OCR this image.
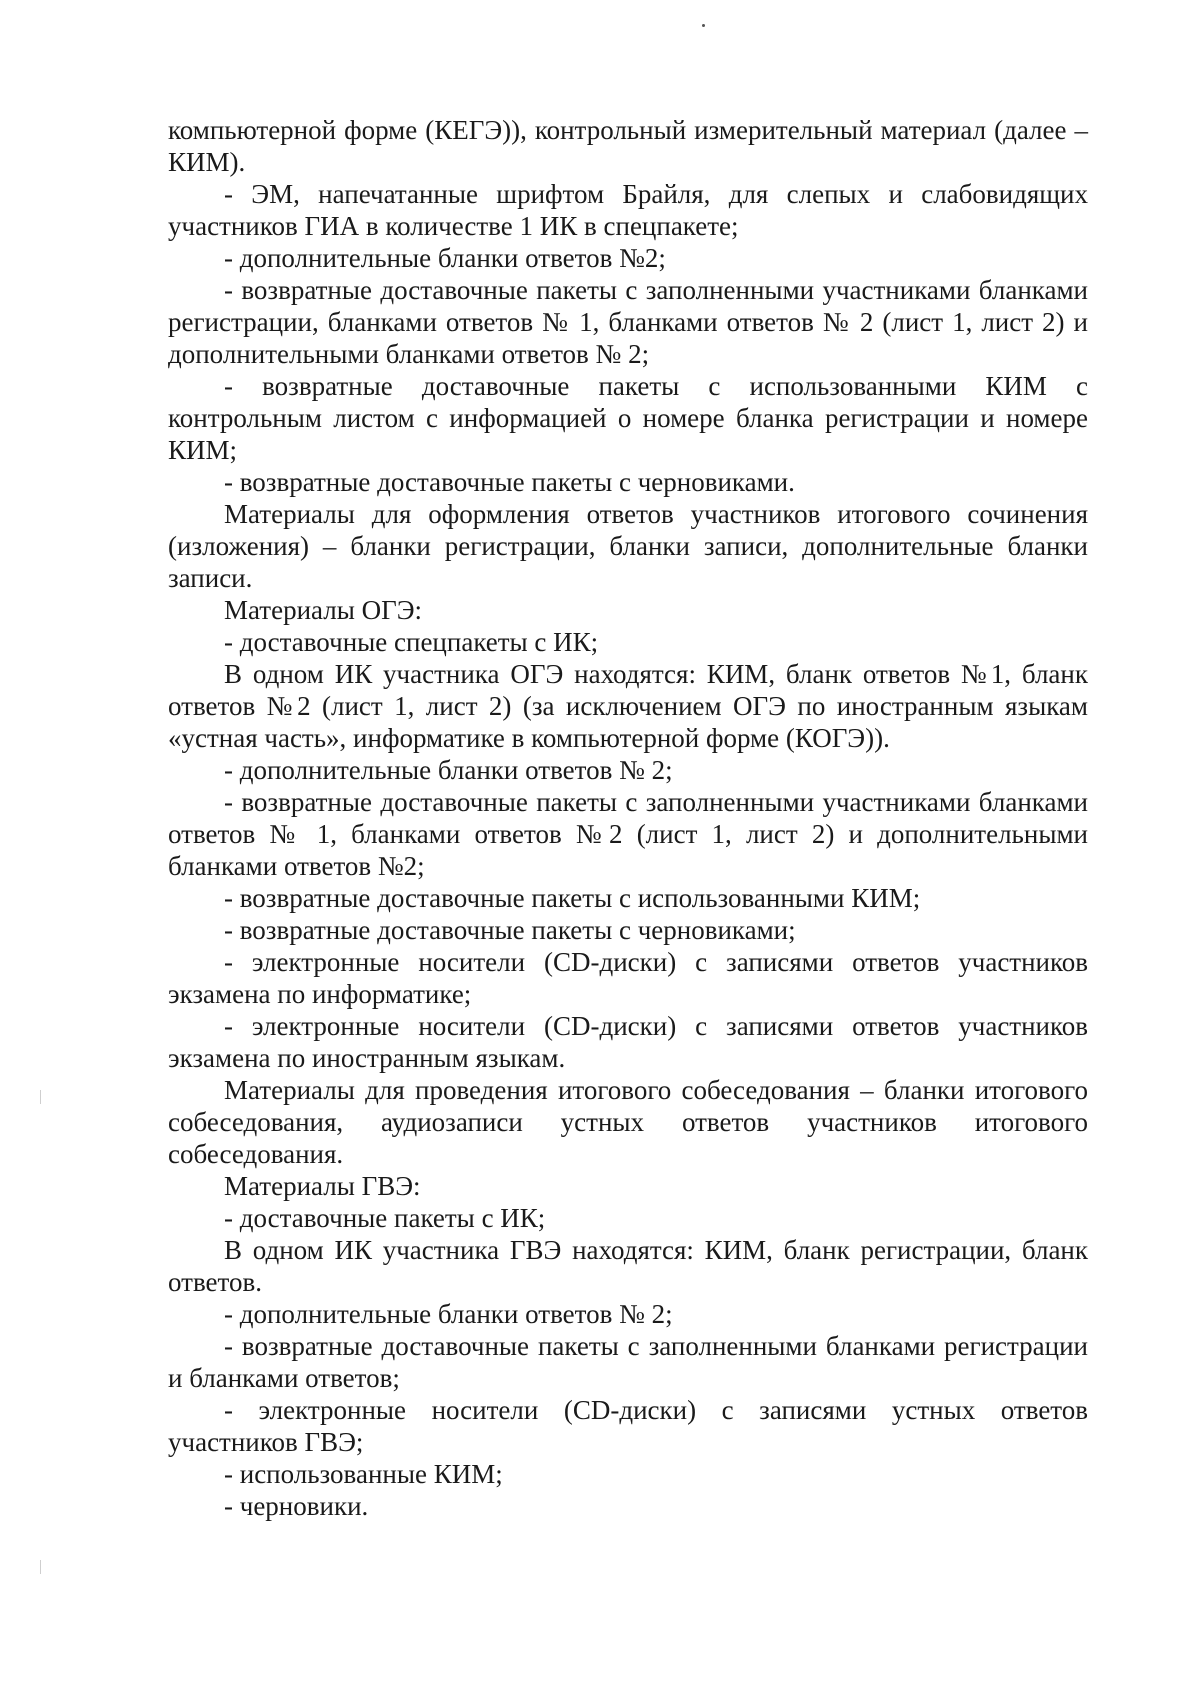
компьютерной форме (КЕГЭ)), контрольный измерительный материал (далее – КИМ).

- ЭМ, напечатанные шрифтом Брайля, для слепых и слабовидящих участников ГИА в количестве 1 ИК в спецпакете;

- дополнительные бланки ответов №2;

- возвратные доставочные пакеты с заполненными участниками бланками регистрации, бланками ответов № 1, бланками ответов № 2 (лист 1, лист 2) и дополнительными бланками ответов № 2;

- возвратные доставочные пакеты с использованными КИМ с контрольным листом с информацией о номере бланка регистрации и номере КИМ;

- возвратные доставочные пакеты с черновиками.

Материалы для оформления ответов участников итогового сочинения (изложения) – бланки регистрации, бланки записи, дополнительные бланки записи.

Материалы ОГЭ:

- доставочные спецпакеты с ИК;

В одном ИК участника ОГЭ находятся: КИМ, бланк ответов №1, бланк ответов №2 (лист 1, лист 2) (за исключением ОГЭ по иностранным языкам «устная часть», информатике в компьютерной форме (КОГЭ)).

- дополнительные бланки ответов № 2;

- возвратные доставочные пакеты с заполненными участниками бланками ответов № 1, бланками ответов №2 (лист 1, лист 2) и дополнительными бланками ответов №2;

- возвратные доставочные пакеты с использованными КИМ;

- возвратные доставочные пакеты с черновиками;

- электронные носители (CD-диски) с записями ответов участников экзамена по информатике;

- электронные носители (CD-диски) с записями ответов участников экзамена по иностранным языкам.

Материалы для проведения итогового собеседования – бланки итогового собеседования, аудиозаписи устных ответов участников итогового собеседования.

Материалы ГВЭ:

- доставочные пакеты с ИК;

В одном ИК участника ГВЭ находятся: КИМ, бланк регистрации, бланк ответов.

- дополнительные бланки ответов № 2;

- возвратные доставочные пакеты с заполненными бланками регистрации и бланками ответов;

- электронные носители (CD-диски) с записями устных ответов участников ГВЭ;

- использованные КИМ;

- черновики.
